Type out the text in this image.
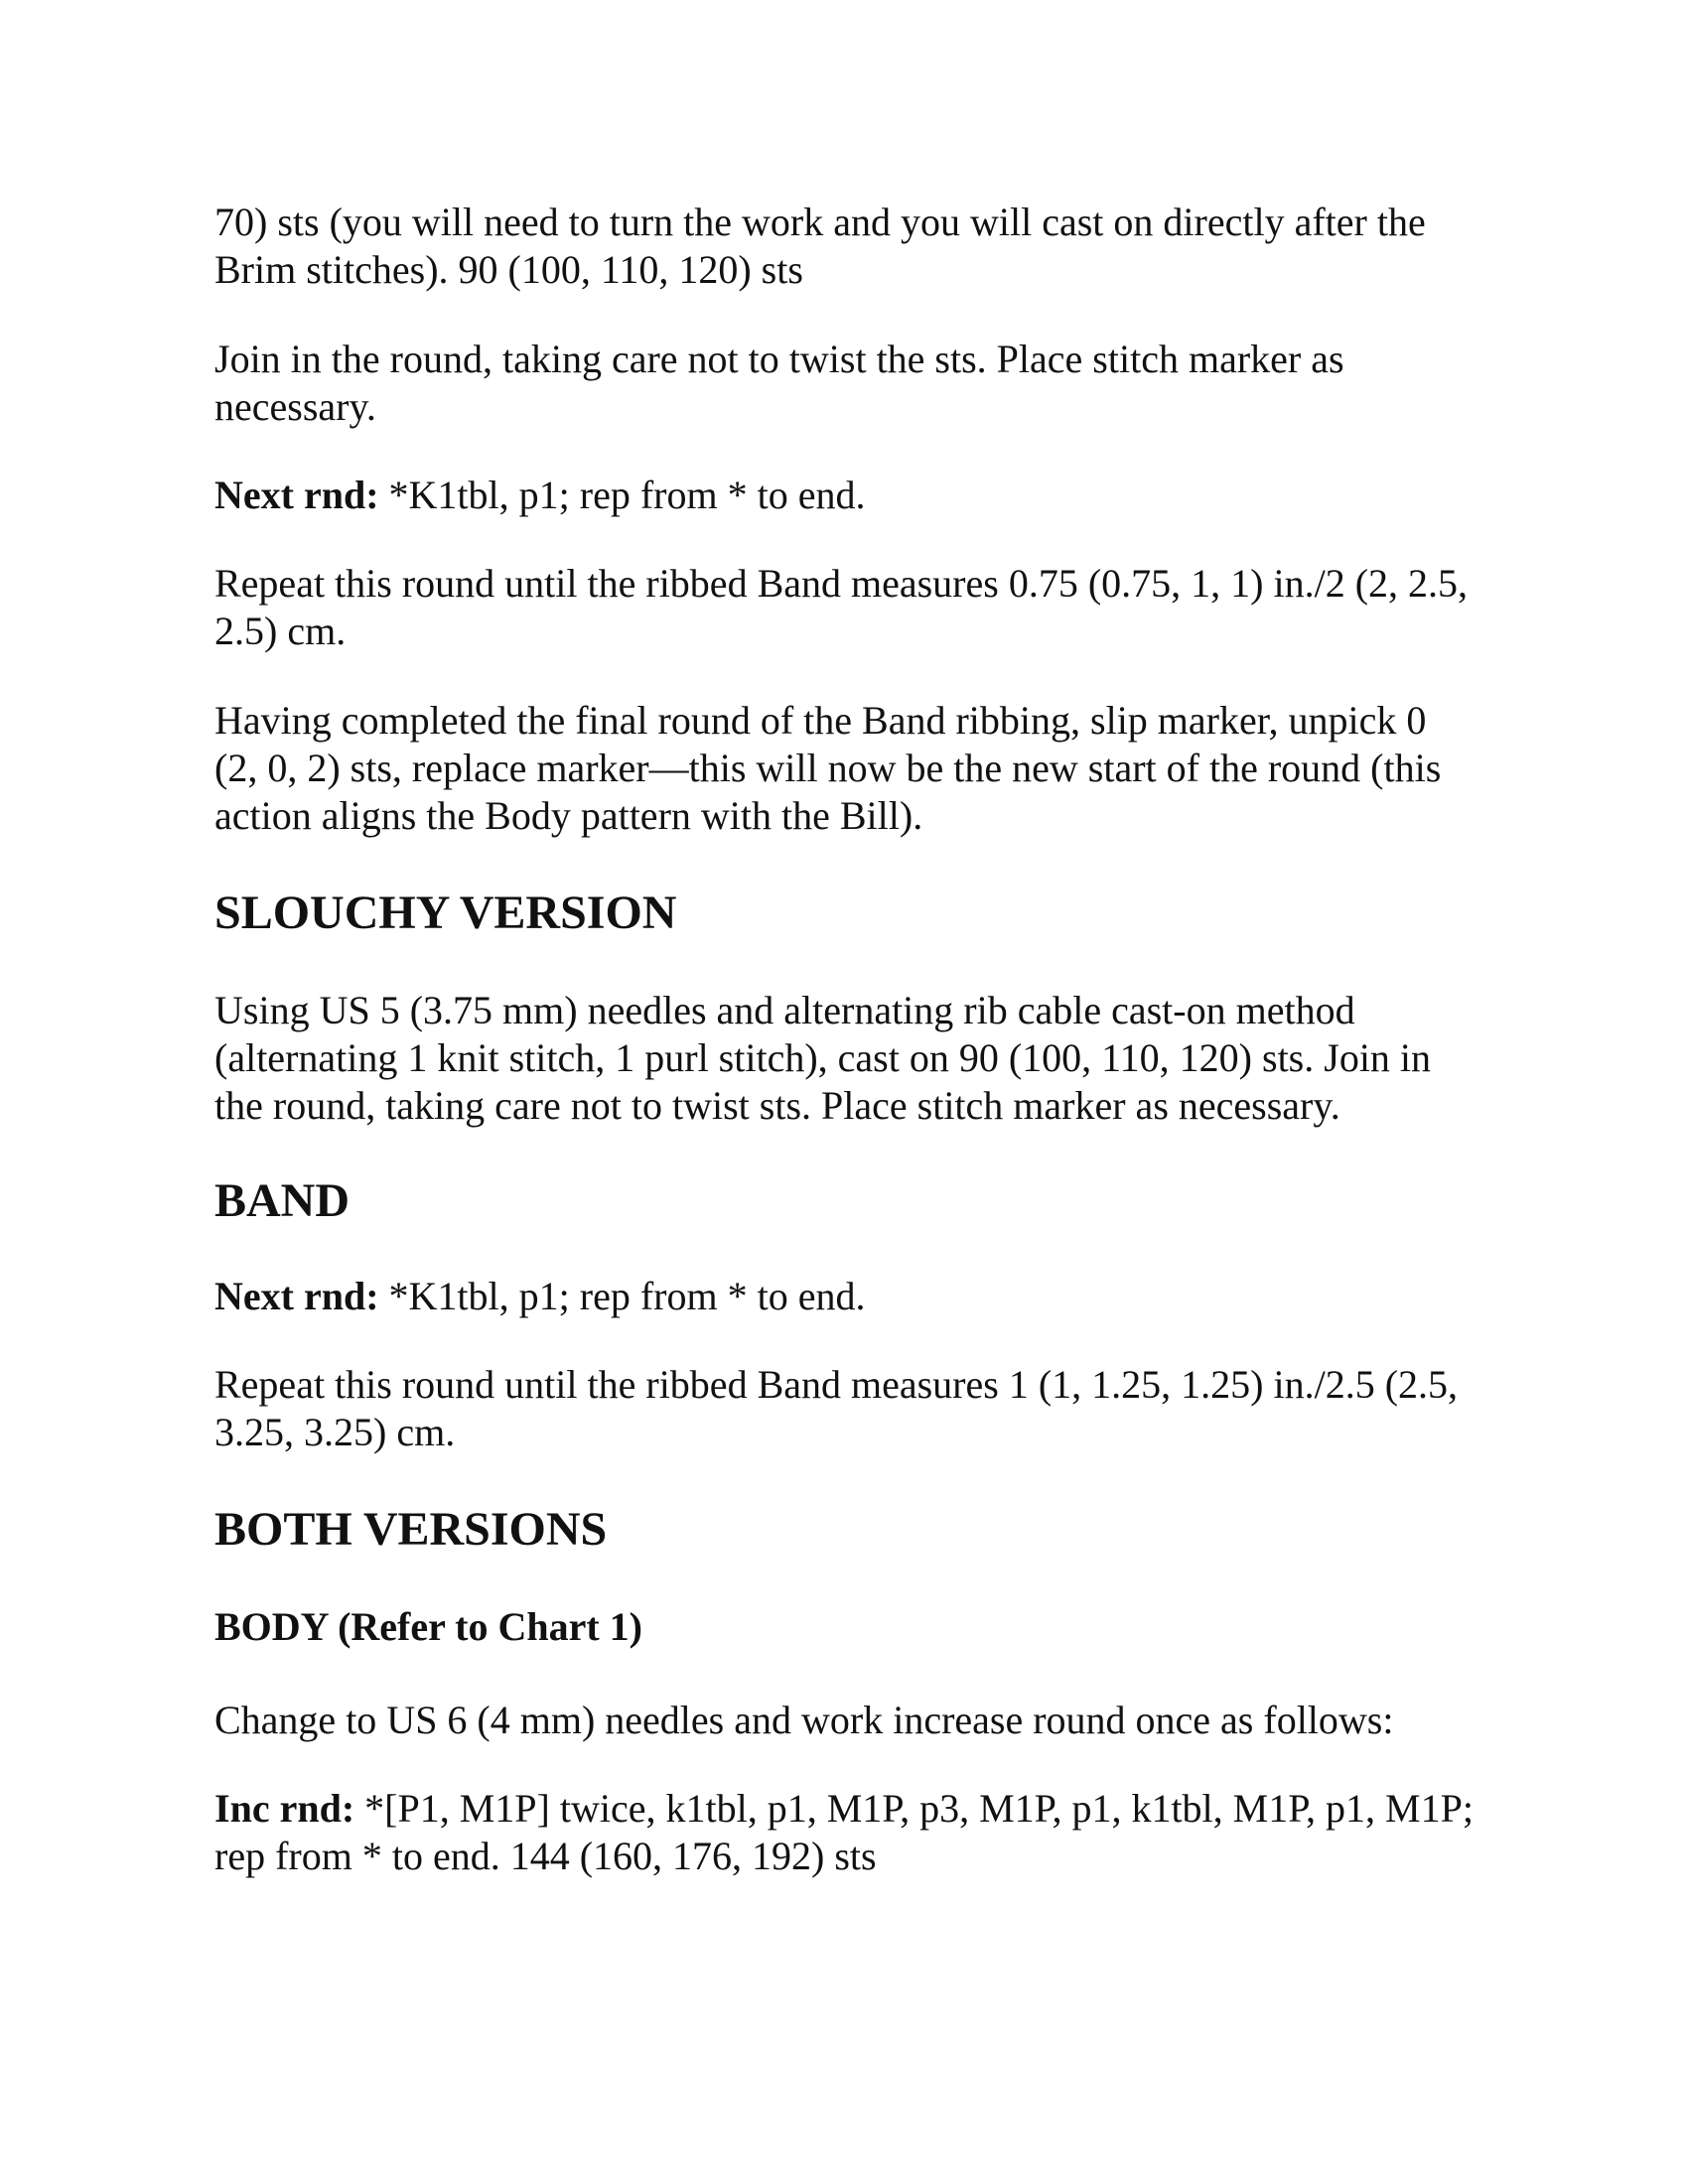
70) sts (you will need to turn the work and you will cast on directly after the Brim stitches). 90 (100, 110, 120) sts

Join in the round, taking care not to twist the sts. Place stitch marker as necessary.

Next rnd: *K1tbl, p1; rep from * to end.

Repeat this round until the ribbed Band measures 0.75 (0.75, 1, 1) in./2 (2, 2.5, 2.5) cm.

Having completed the final round of the Band ribbing, slip marker, unpick 0 (2, 0, 2) sts, replace marker—this will now be the new start of the round (this action aligns the Body pattern with the Bill).

SLOUCHY VERSION

Using US 5 (3.75 mm) needles and alternating rib cable cast-on method (alternating 1 knit stitch, 1 purl stitch), cast on 90 (100, 110, 120) sts. Join in the round, taking care not to twist sts. Place stitch marker as necessary.

BAND

Next rnd: *K1tbl, p1; rep from * to end.

Repeat this round until the ribbed Band measures 1 (1, 1.25, 1.25) in./2.5 (2.5, 3.25, 3.25) cm.

BOTH VERSIONS
BODY (Refer to Chart 1)

Change to US 6 (4 mm) needles and work increase round once as follows:

Inc rnd: *[P1, M1P] twice, k1tbl, p1, M1P, p3, M1P, p1, k1tbl, M1P, p1, M1P; rep from * to end. 144 (160, 176, 192) sts
